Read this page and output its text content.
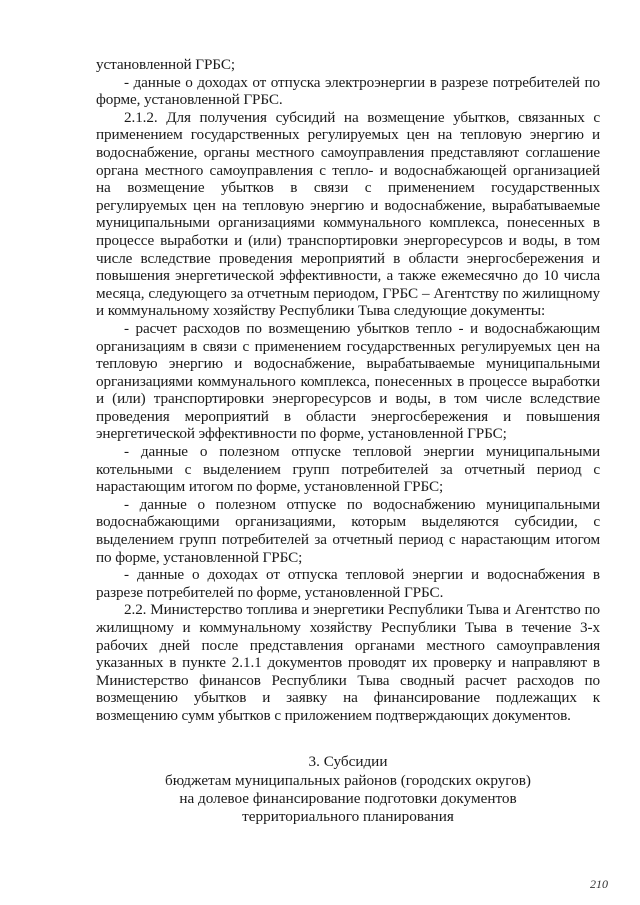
установленной ГРБС;

- данные о доходах от отпуска электроэнергии в разрезе потребителей по форме, установленной ГРБС.

2.1.2. Для получения субсидий на возмещение убытков, связанных с применением государственных регулируемых цен на тепловую энергию и водоснабжение, органы местного самоуправления представляют соглашение органа местного самоуправления с тепло- и водоснабжающей организацией на возмещение убытков в связи с применением государственных регулируемых цен на тепловую энергию и водоснабжение, вырабатываемые муниципальными организациями коммунального комплекса, понесенных в процессе выработки и (или) транспортировки энергоресурсов и воды, в том числе вследствие проведения мероприятий в области энергосбережения и повышения энергетической эффективности, а также ежемесячно до 10 числа месяца, следующего за отчетным периодом, ГРБС – Агентству по жилищному и коммунальному хозяйству Республики Тыва следующие документы:

- расчет расходов по возмещению убытков тепло - и водоснабжающим организациям в связи с применением государственных регулируемых цен на тепловую энергию и водоснабжение, вырабатываемые муниципальными организациями коммунального комплекса, понесенных в процессе выработки и (или) транспортировки энергоресурсов и воды, в том числе вследствие проведения мероприятий в области энергосбережения и повышения энергетической эффективности по форме, установленной ГРБС;

- данные о полезном отпуске тепловой энергии муниципальными котельными с выделением групп потребителей за отчетный период с нарастающим итогом по форме, установленной ГРБС;

- данные о полезном отпуске по водоснабжению муниципальными водоснабжающими организациями, которым выделяются субсидии, с выделением групп потребителей за отчетный период с нарастающим итогом по форме, установленной ГРБС;

- данные о доходах от отпуска тепловой энергии и водоснабжения в разрезе потребителей по форме, установленной ГРБС.

2.2. Министерство топлива и энергетики Республики Тыва и Агентство по жилищному и коммунальному хозяйству Республики Тыва в течение 3-х рабочих дней после представления органами местного самоуправления указанных в пункте 2.1.1 документов проводят их проверку и направляют в Министерство финансов Республики Тыва сводный расчет расходов по возмещению убытков и заявку на финансирование подлежащих к возмещению сумм убытков с приложением подтверждающих документов.

3. Субсидии
бюджетам муниципальных районов (городских округов)
на долевое финансирование подготовки документов
территориального планирования
210
